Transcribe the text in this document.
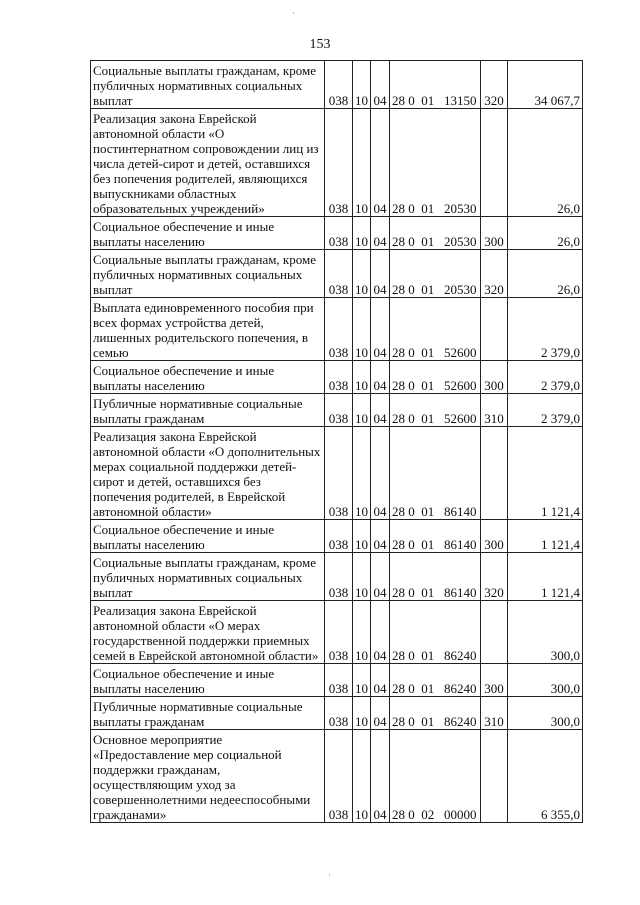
153
Социальные выплаты гражданам, кроме публичных нормативных социальных выплат	038	10	04	28 0  01   13150	320	34 067,7
Реализация закона Еврейской автономной области «О постинтернатном сопровождении лиц из числа детей-сирот и детей, оставшихся без попечения родителей, являющихся выпускниками областных образовательных учреждений»	038	10	04	28 0  01   20530		26,0
Социальное обеспечение и иные выплаты населению	038	10	04	28 0  01   20530	300	26,0
Социальные выплаты гражданам, кроме публичных нормативных социальных выплат	038	10	04	28 0  01   20530	320	26,0
Выплата единовременного пособия при всех формах устройства детей, лишенных родительского попечения, в семью	038	10	04	28 0  01   52600		2 379,0
Социальное обеспечение и иные выплаты населению	038	10	04	28 0  01   52600	300	2 379,0
Публичные нормативные социальные выплаты гражданам	038	10	04	28 0  01   52600	310	2 379,0
Реализация закона Еврейской автономной области «О дополнительных мерах социальной поддержки детей-сирот и детей, оставшихся без попечения родителей, в Еврейской автономной области»	038	10	04	28 0  01   86140		1 121,4
Социальное обеспечение и иные выплаты населению	038	10	04	28 0  01   86140	300	1 121,4
Социальные выплаты гражданам, кроме публичных нормативных социальных выплат	038	10	04	28 0  01   86140	320	1 121,4
Реализация закона Еврейской автономной области «О мерах государственной поддержки приемных семей в Еврейской автономной области»	038	10	04	28 0  01   86240		300,0
Социальное обеспечение и иные выплаты населению	038	10	04	28 0  01   86240	300	300,0
Публичные нормативные социальные выплаты гражданам	038	10	04	28 0  01   86240	310	300,0
Основное мероприятие «Предоставление мер социальной поддержки гражданам, осуществляющим уход за совершеннолетними недееспособными гражданами»	038	10	04	28 0  02   00000		6 355,0
·
·
